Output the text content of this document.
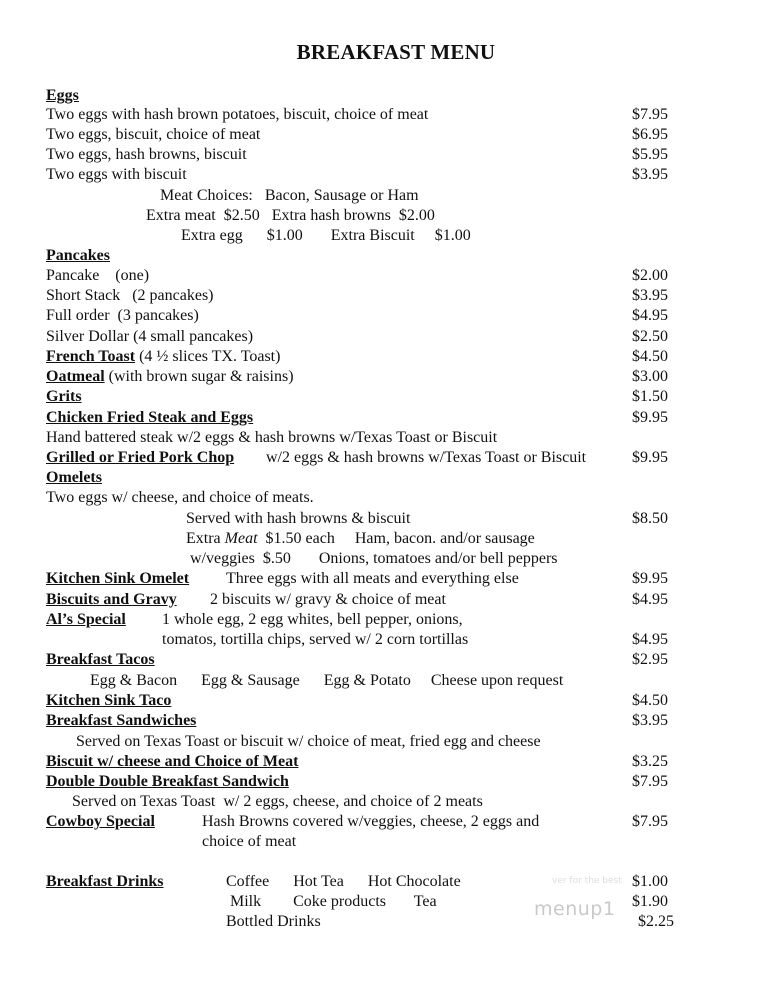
BREAKFAST MENU
Eggs
Two eggs with hash brown potatoes, biscuit, choice of meat	$7.95
Two eggs, biscuit, choice of meat	$6.95
Two eggs, hash browns, biscuit	$5.95
Two eggs with biscuit	$3.95
Meat Choices:   Bacon, Sausage or Ham
Extra meat  $2.50   Extra hash browns  $2.00
Extra egg      $1.00       Extra Biscuit     $1.00
Pancakes
Pancake    (one)	$2.00
Short Stack   (2 pancakes)	$3.95
Full order  (3 pancakes)	$4.95
Silver Dollar (4 small pancakes)	$2.50
French Toast (4 ½ slices TX. Toast)	$4.50
Oatmeal (with brown sugar & raisins)	$3.00
Grits	$1.50
Chicken Fried Steak and Eggs	$9.95
Hand battered steak w/2 eggs & hash browns w/Texas Toast or Biscuit
Grilled or Fried Pork Chop w/2 eggs & hash browns w/Texas Toast or Biscuit	$9.95
Omelets
Two eggs w/ cheese, and choice of meats.
Served with hash browns & biscuit	$8.50
Extra Meat  $1.50 each     Ham, bacon. and/or sausage
w/veggies  $.50       Onions, tomatoes and/or bell peppers
Kitchen Sink Omelet Three eggs with all meats and everything else	$9.95
Biscuits and Gravy 2 biscuits w/ gravy & choice of meat	$4.95
Al’s Special 1 whole egg, 2 egg whites, bell pepper, onions,
tomatos, tortilla chips, served w/ 2 corn tortillas	$4.95
Breakfast Tacos	$2.95
Egg & Bacon      Egg & Sausage      Egg & Potato     Cheese upon request
Kitchen Sink Taco	$4.50
Breakfast Sandwiches	$3.95
Served on Texas Toast or biscuit w/ choice of meat, fried egg and cheese
Biscuit w/ cheese and Choice of Meat	$3.25
Double Double Breakfast Sandwich	$7.95
Served on Texas Toast  w/ 2 eggs, cheese, and choice of 2 meats
Cowboy Special	Hash Browns covered w/veggies, cheese, 2 eggs and	$7.95
choice of meat
Breakfast Drinks	Coffee      Hot Tea      Hot Chocolate	$1.00
Milk        Coke products       Tea	$1.90
Bottled Drinks	$2.25
ver for the best
menup1
